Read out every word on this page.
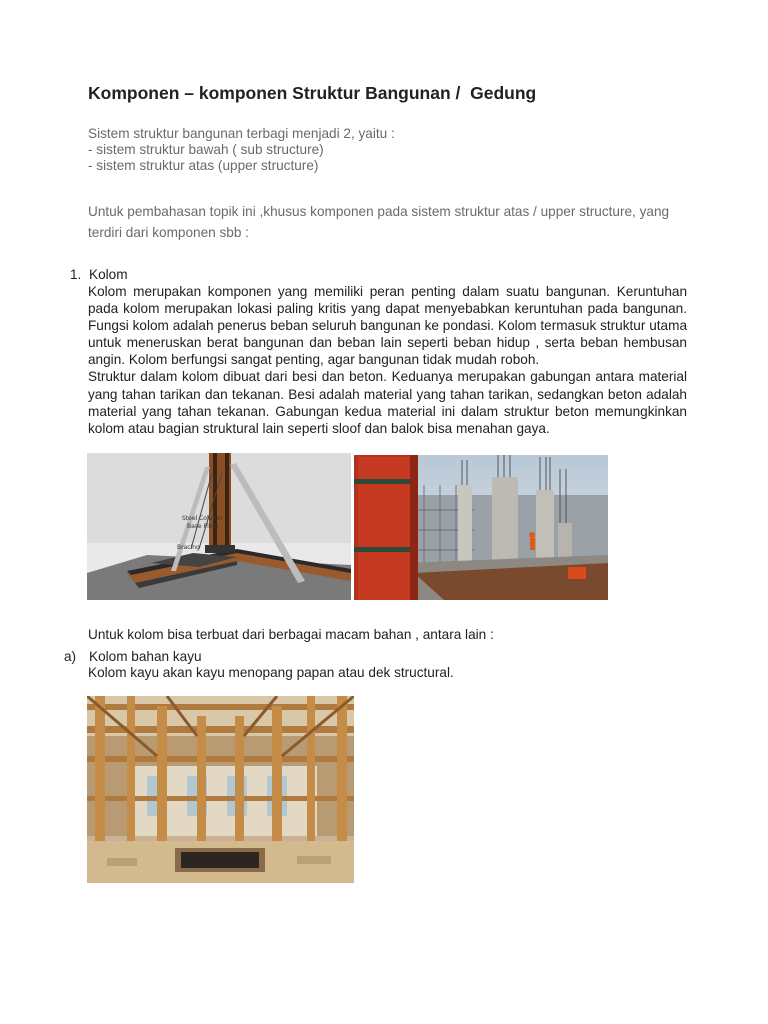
Komponen – komponen Struktur Bangunan /  Gedung
Sistem struktur bangunan terbagi menjadi 2, yaitu :
- sistem struktur bawah ( sub structure)
- sistem struktur atas (upper structure)
Untuk pembahasan topik ini ,khusus komponen pada sistem struktur atas / upper structure, yang
terdiri dari komponen sbb :
1. Kolom

Kolom merupakan komponen yang memiliki peran penting dalam suatu bangunan. Keruntuhan pada kolom merupakan lokasi paling kritis yang dapat menyebabkan keruntuhan pada bangunan. Fungsi kolom adalah penerus beban seluruh bangunan ke pondasi. Kolom termasuk struktur utama untuk meneruskan berat bangunan dan beban lain seperti beban hidup , serta beban hembusan angin. Kolom berfungsi sangat penting, agar bangunan tidak mudah roboh.

Struktur dalam kolom dibuat dari besi dan beton. Keduanya merupakan gabungan antara material yang tahan tarikan dan tekanan. Besi adalah material yang tahan tarikan, sedangkan beton adalah material yang tahan tekanan. Gabungan kedua material ini dalam struktur beton memungkinkan kolom atau bagian struktural lain seperti sloof dan balok bisa menahan gaya.

Steel Column
Base Plate
Bracing
Untuk kolom bisa terbuat dari berbagai macam bahan , antara lain :
a) Kolom bahan kayu
Kolom kayu akan kayu menopang papan atau dek structural.
